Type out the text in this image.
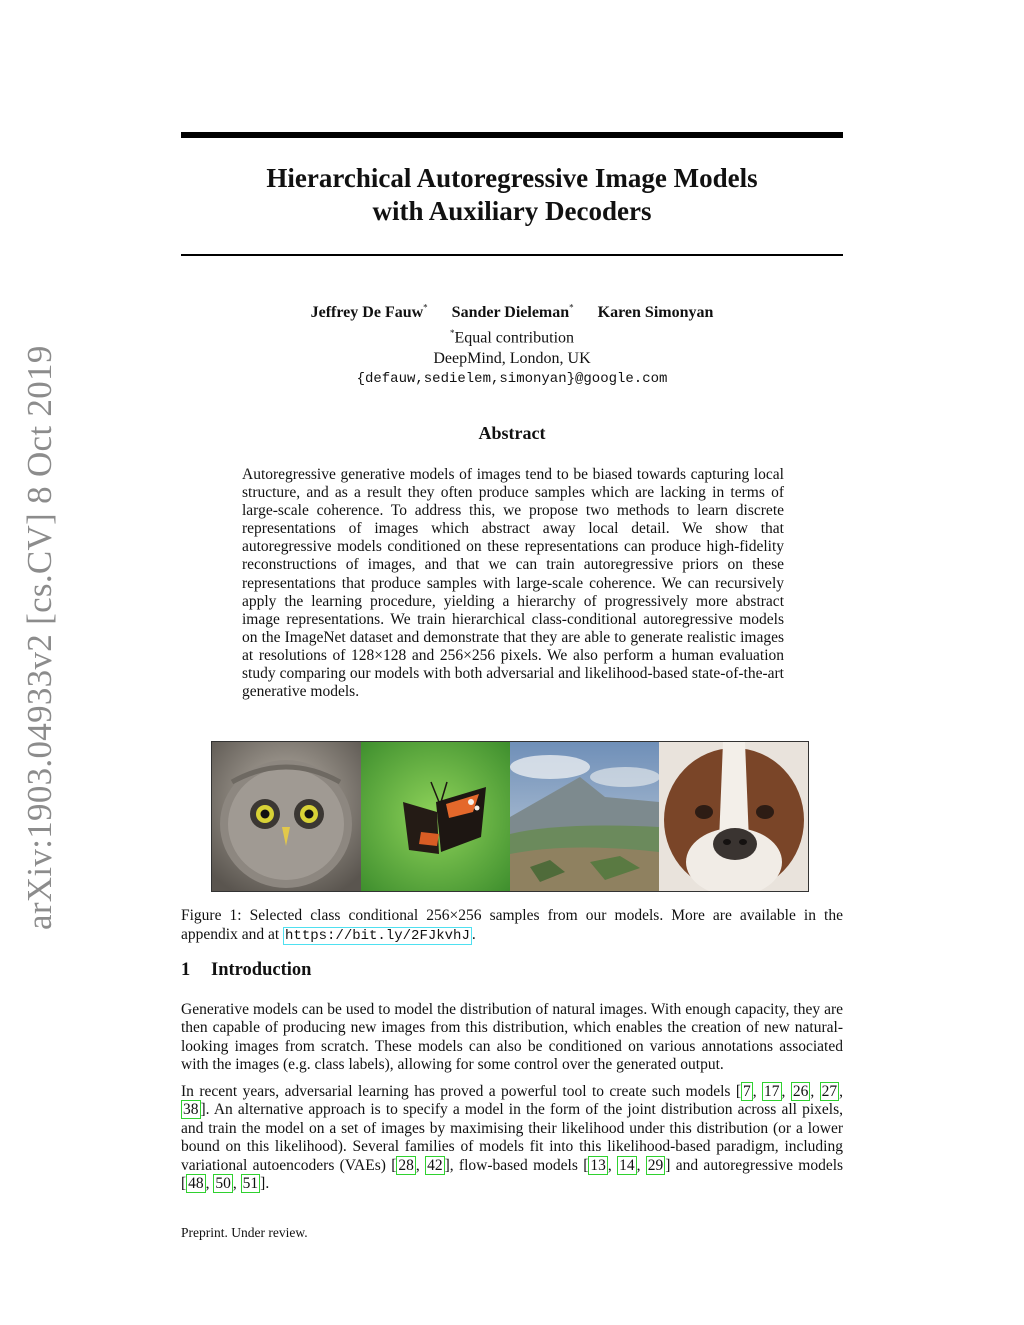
arXiv:1903.04933v2 [cs.CV] 8 Oct 2019
Hierarchical Autoregressive Image Models
with Auxiliary Decoders
Jeffrey De Fauw* Sander Dieleman* Karen Simonyan
*Equal contribution
DeepMind, London, UK
{defauw,sedielem,simonyan}@google.com
Abstract
Autoregressive generative models of images tend to be biased towards capturing local structure, and as a result they often produce samples which are lacking in terms of large-scale coherence. To address this, we propose two methods to learn discrete representations of images which abstract away local detail. We show that autoregressive models conditioned on these representations can produce high-fidelity reconstructions of images, and that we can train autoregressive priors on these representations that produce samples with large-scale coherence. We can recursively apply the learning procedure, yielding a hierarchy of progressively more abstract image representations. We train hierarchical class-conditional autoregressive models on the ImageNet dataset and demonstrate that they are able to generate realistic images at resolutions of 128×128 and 256×256 pixels. We also perform a human evaluation study comparing our models with both adversarial and likelihood-based state-of-the-art generative models.
Figure 1: Selected class conditional 256×256 samples from our models. More are available in the appendix and at https://bit.ly/2FJkvhJ .
1 Introduction
Generative models can be used to model the distribution of natural images. With enough capacity, they are then capable of producing new images from this distribution, which enables the creation of new natural-looking images from scratch. These models can also be conditioned on various annotations associated with the images (e.g. class labels), allowing for some control over the generated output.
In recent years, adversarial learning has proved a powerful tool to create such models [ 7 , 17 , 26 , 27 , 38 ]. An alternative approach is to specify a model in the form of the joint distribution across all pixels, and train the model on a set of images by maximising their likelihood under this distribution (or a lower bound on this likelihood). Several families of models fit into this likelihood-based paradigm, including variational autoencoders (VAEs) [ 28 , 42 ], flow-based models [ 13 , 14 , 29 ] and autoregressive models [ 48 , 50 , 51 ].
Preprint. Under review.
